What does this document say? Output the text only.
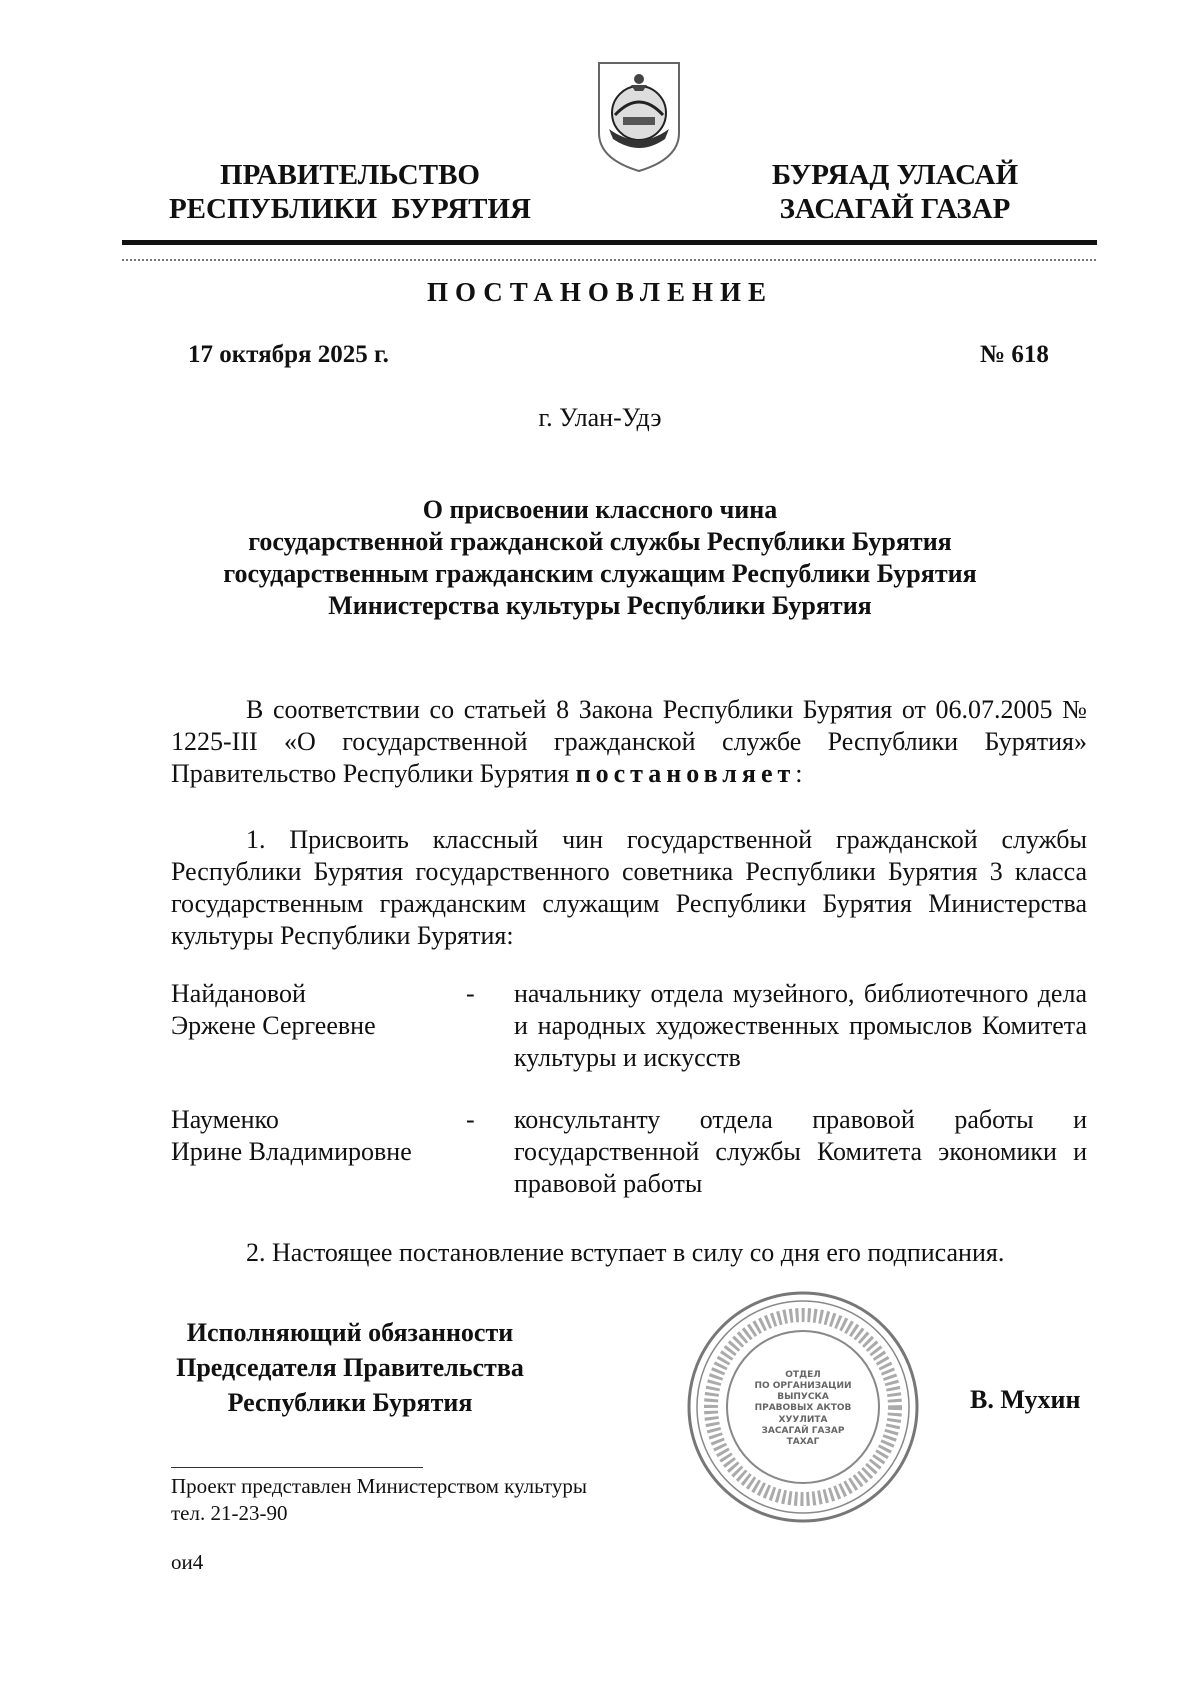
ПРАВИТЕЛЬСТВО
РЕСПУБЛИКИ  БУРЯТИЯ
БУРЯАД УЛАСАЙ
ЗАСАГАЙ ГАЗАР
ПОСТАНОВЛЕНИЕ
17 октября 2025 г.	№ 618
г. Улан-Удэ
О присвоении классного чина
государственной гражданской службы Республики Бурятия
государственным гражданским служащим Республики Бурятия
Министерства культуры Республики Бурятия
В соответствии со статьей 8 Закона Республики Бурятия от 06.07.2005 № 1225-III «О государственной гражданской службе Республики Бурятия» Правительство Республики Бурятия постановляет:
1. Присвоить классный чин государственной гражданской службы Республики Бурятия государственного советника Республики Бурятия 3 класса государственным гражданским служащим Республики Бурятия Министерства культуры Республики Бурятия:
Найдановой
Эржене Сергеевне
- начальнику отдела музейного, библиотечного дела и народных художественных промыслов Комитета культуры и искусств
Науменко
Ирине Владимировне
- консультанту отдела правовой работы и государственной службы Комитета экономики и правовой работы
2. Настоящее постановление вступает в силу со дня его подписания.
Исполняющий обязанности
Председателя Правительства
Республики Бурятия
ОТДЕЛ
ПО ОРГАНИЗАЦИИ
ВЫПУСКА
ПРАВОВЫХ АКТОВ
ХУУЛИТА
ЗАСАГАЙ ГАЗАР
ТАХАГ
В. Мухин
Проект представлен Министерством культуры
тел. 21-23-90
ои4
